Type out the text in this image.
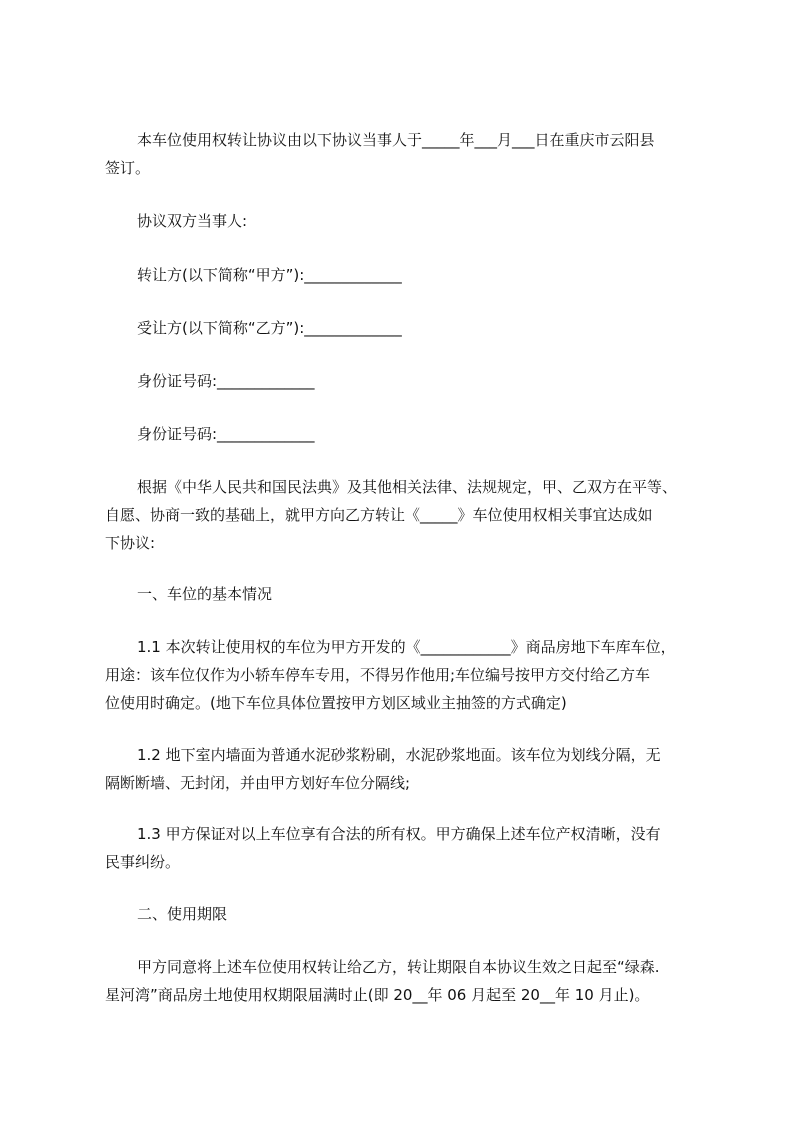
本车位使用权转让协议由以下协议当事人于_____年___月___日在重庆市云阳县
签订。
协议双方当事人:
转让方(以下简称“甲方”):_____________
受让方(以下简称“乙方”):_____________
身份证号码:_____________
身份证号码:_____________
根据《中华人民共和国民法典》及其他相关法律、法规规定，甲、乙双方在平等、
自愿、协商一致的基础上，就甲方向乙方转让《_____》车位使用权相关事宜达成如
下协议:
一、车位的基本情况
1.1 本次转让使用权的车位为甲方开发的《____________》商品房地下车库车位，
用途：该车位仅作为小轿车停车专用，不得另作他用;车位编号按甲方交付给乙方车
位使用时确定。(地下车位具体位置按甲方划区域业主抽签的方式确定)
1.2 地下室内墙面为普通水泥砂浆粉刷，水泥砂浆地面。该车位为划线分隔，无
隔断断墙、无封闭，并由甲方划好车位分隔线;
1.3 甲方保证对以上车位享有合法的所有权。甲方确保上述车位产权清晰，没有
民事纠纷。
二、使用期限
甲方同意将上述车位使用权转让给乙方，转让期限自本协议生效之日起至“绿森.
星河湾”商品房土地使用权期限届满时止(即 20__年 06 月起至 20__年 10 月止)。
